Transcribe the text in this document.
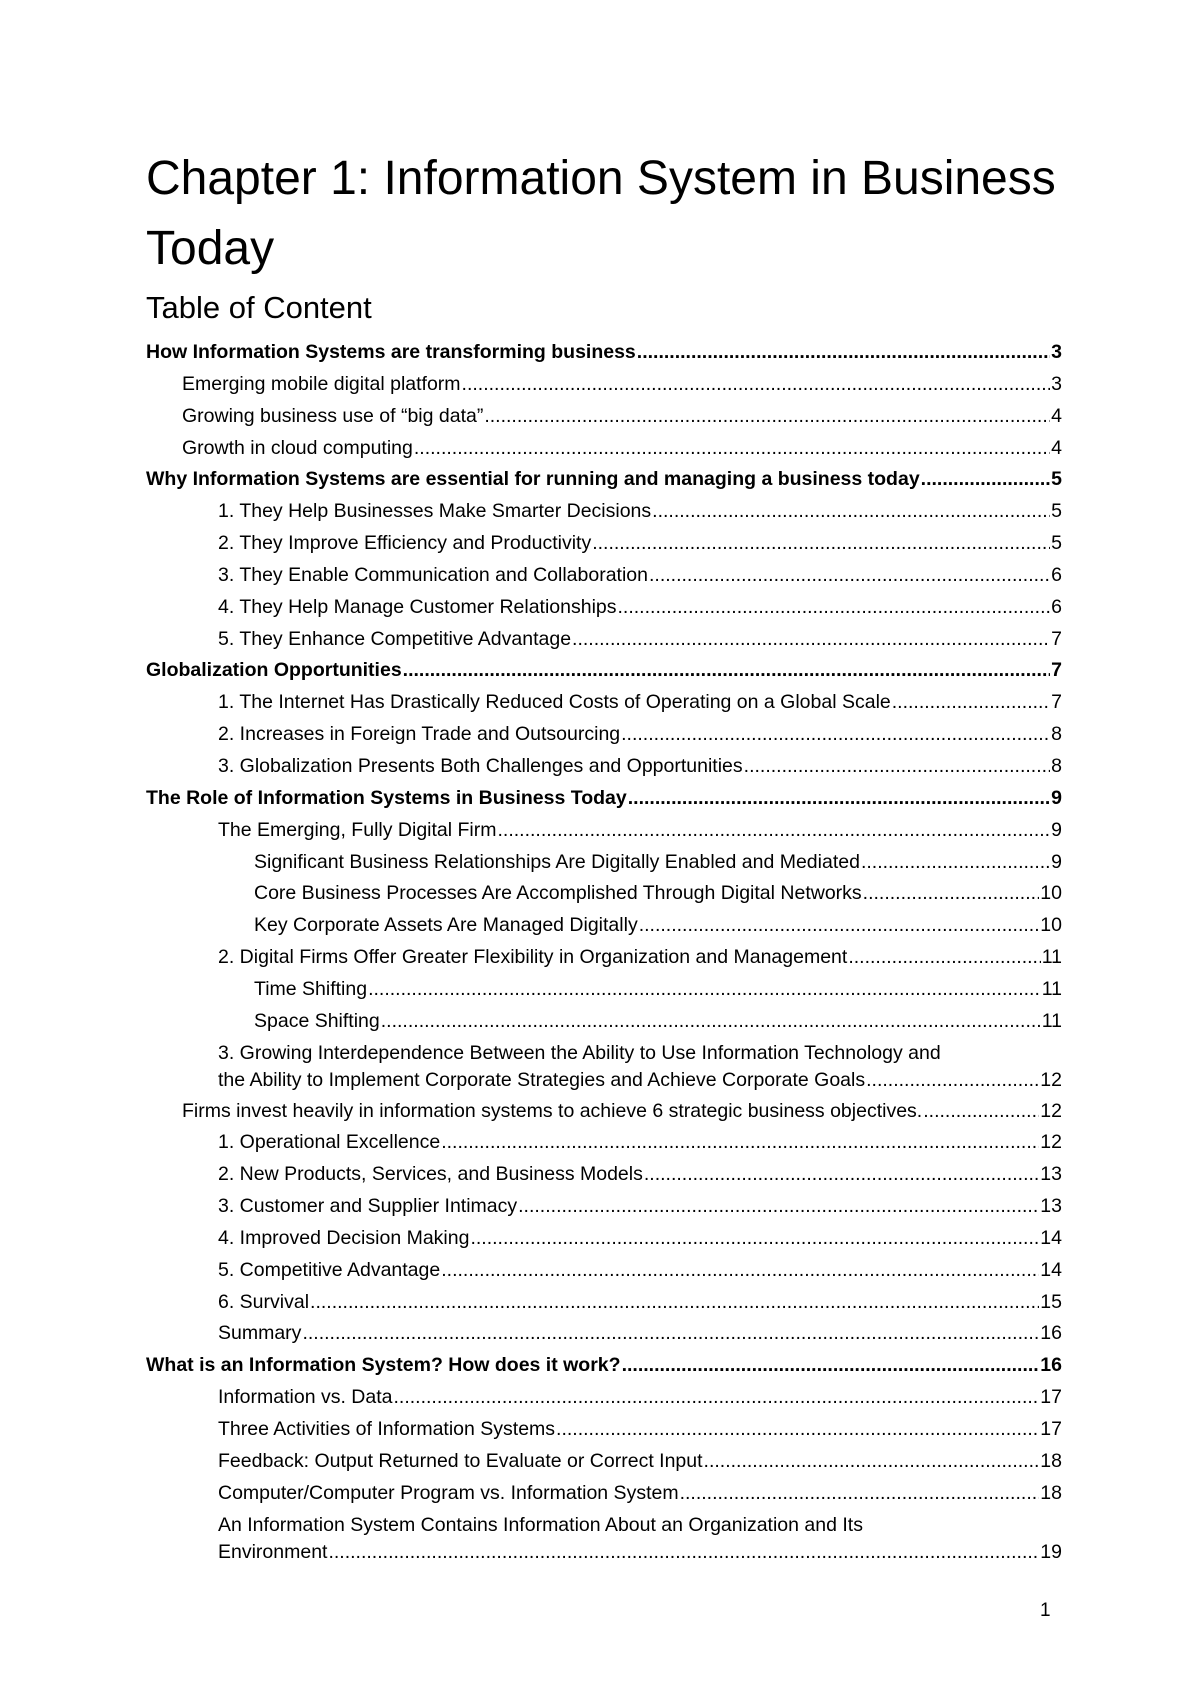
Chapter 1: Information System in Business Today
Table of Content
How Information Systems are transforming business .....	3
Emerging mobile digital platform .....	3
Growing business use of “big data” .....	4
Growth in cloud computing .....	4
Why Information Systems are essential for running and managing a business today .....	5
1. They Help Businesses Make Smarter Decisions .....	5
2. They Improve Efficiency and Productivity .....	5
3. They Enable Communication and Collaboration .....	6
4. They Help Manage Customer Relationships .....	6
5. They Enhance Competitive Advantage .....	7
Globalization Opportunities .....	7
1. The Internet Has Drastically Reduced Costs of Operating on a Global Scale .....	7
2. Increases in Foreign Trade and Outsourcing .....	8
3. Globalization Presents Both Challenges and Opportunities .....	8
The Role of Information Systems in Business Today .....	9
The Emerging, Fully Digital Firm .....	9
Significant Business Relationships Are Digitally Enabled and Mediated .....	9
Core Business Processes Are Accomplished Through Digital Networks .....	10
Key Corporate Assets Are Managed Digitally .....	10
2. Digital Firms Offer Greater Flexibility in Organization and Management .....	11
Time Shifting .....	11
Space Shifting .....	11
3. Growing Interdependence Between the Ability to Use Information Technology and
the Ability to Implement Corporate Strategies and Achieve Corporate Goals .....	12
Firms invest heavily in information systems to achieve 6 strategic business objectives. .....	12
1. Operational Excellence .....	12
2. New Products, Services, and Business Models .....	13
3. Customer and Supplier Intimacy .....	13
4. Improved Decision Making .....	14
5. Competitive Advantage .....	14
6. Survival .....	15
Summary .....	16
What is an Information System? How does it work? .....	16
Information vs. Data .....	17
Three Activities of Information Systems .....	17
Feedback: Output Returned to Evaluate or Correct Input .....	18
Computer/Computer Program vs. Information System .....	18
An Information System Contains Information About an Organization and Its
Environment .....	19
1
